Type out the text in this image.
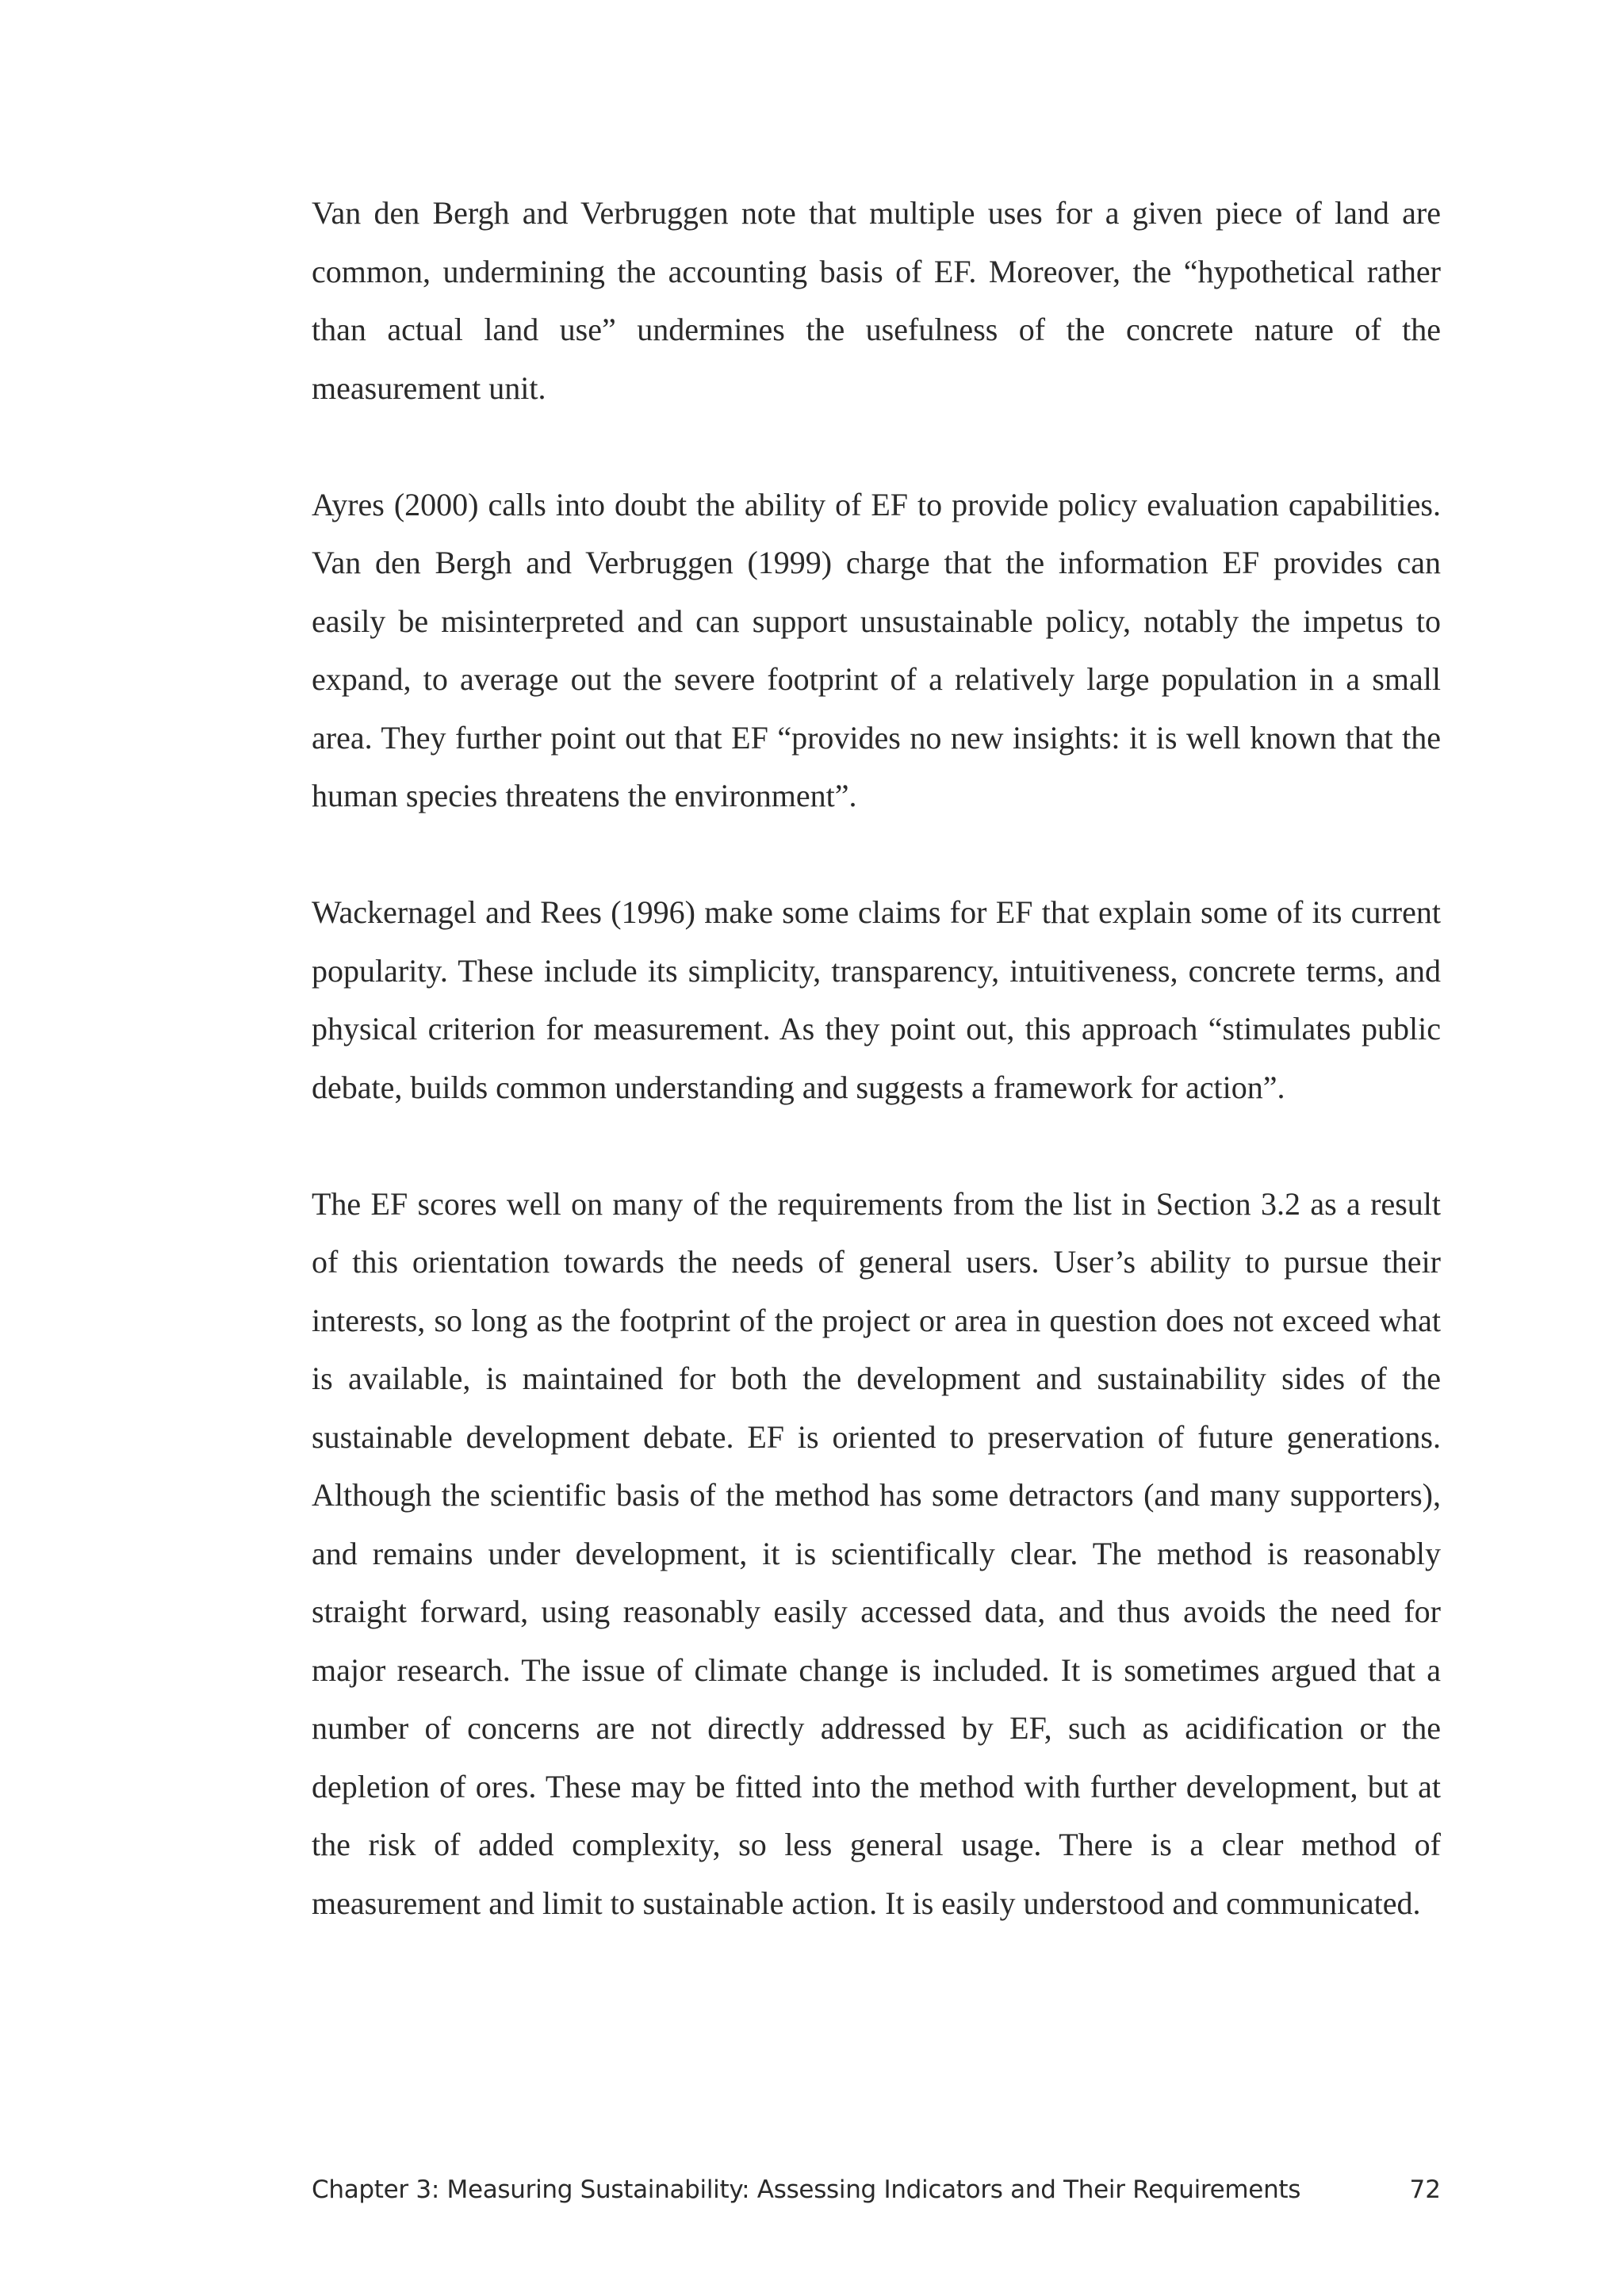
Van den Bergh and Verbruggen note that multiple uses for a given piece of land are common, undermining the accounting basis of EF. Moreover, the “hypothetical rather than actual land use” undermines the usefulness of the concrete nature of the measurement unit.

Ayres (2000) calls into doubt the ability of EF to provide policy evaluation capabilities. Van den Bergh and Verbruggen (1999) charge that the information EF provides can easily be misinterpreted and can support unsustainable policy, notably the impetus to expand, to average out the severe footprint of a relatively large population in a small area. They further point out that EF “provides no new insights: it is well known that the human species threatens the environment”.

Wackernagel and Rees (1996) make some claims for EF that explain some of its current popularity. These include its simplicity, transparency, intuitiveness, concrete terms, and physical criterion for measurement. As they point out, this approach “stimulates public debate, builds common understanding and suggests a framework for action”.

The EF scores well on many of the requirements from the list in Section 3.2 as a result of this orientation towards the needs of general users. User’s ability to pursue their interests, so long as the footprint of the project or area in question does not exceed what is available, is maintained for both the development and sustainability sides of the sustainable development debate. EF is oriented to preservation of future generations. Although the scientific basis of the method has some detractors (and many supporters), and remains under development, it is scientifically clear. The method is reasonably straight forward, using reasonably easily accessed data, and thus avoids the need for major research. The issue of climate change is included. It is sometimes argued that a number of concerns are not directly addressed by EF, such as acidification or the depletion of ores. These may be fitted into the method with further development, but at the risk of added complexity, so less general usage. There is a clear method of measurement and limit to sustainable action. It is easily understood and communicated.

Chapter 3: Measuring Sustainability: Assessing Indicators and Their Requirements	72
